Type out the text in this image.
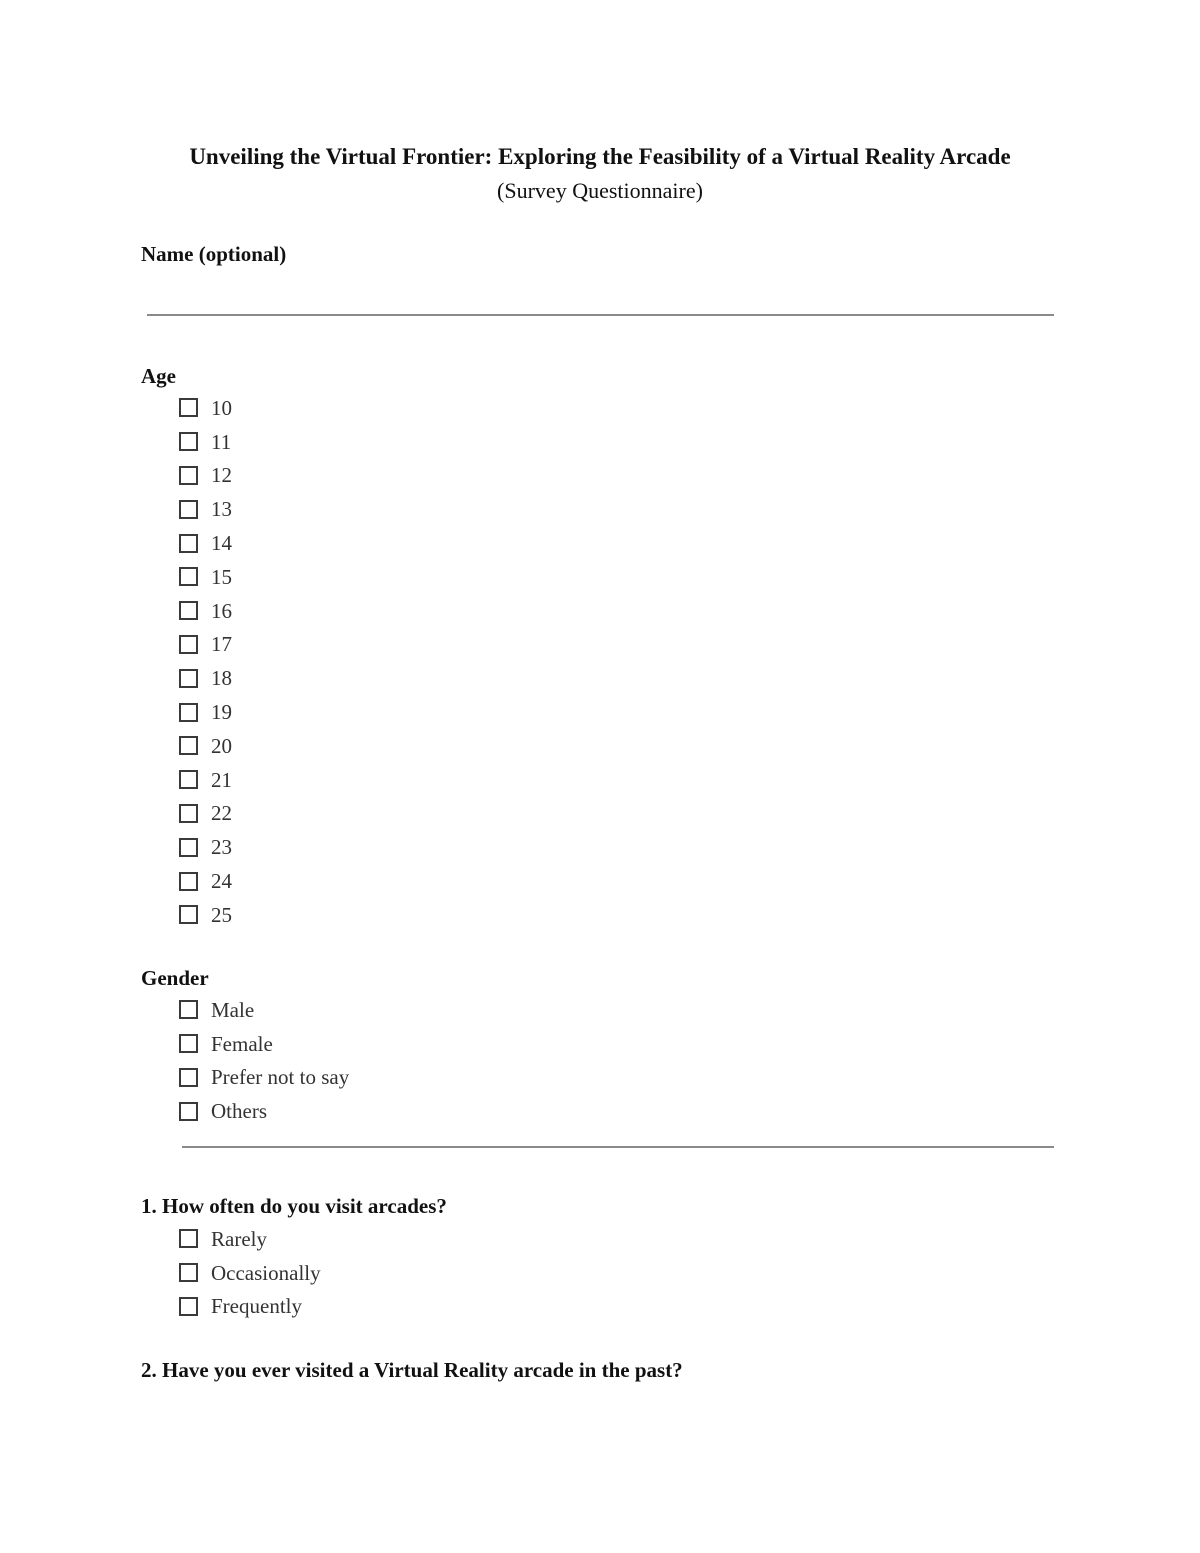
Unveiling the Virtual Frontier: Exploring the Feasibility of a Virtual Reality Arcade
(Survey Questionnaire)
Name (optional)
Age
10
11
12
13
14
15
16
17
18
19
20
21
22
23
24
25
Gender
Male
Female
Prefer not to say
Others
1. How often do you visit arcades?
Rarely
Occasionally
Frequently
2. Have you ever visited a Virtual Reality arcade in the past?
